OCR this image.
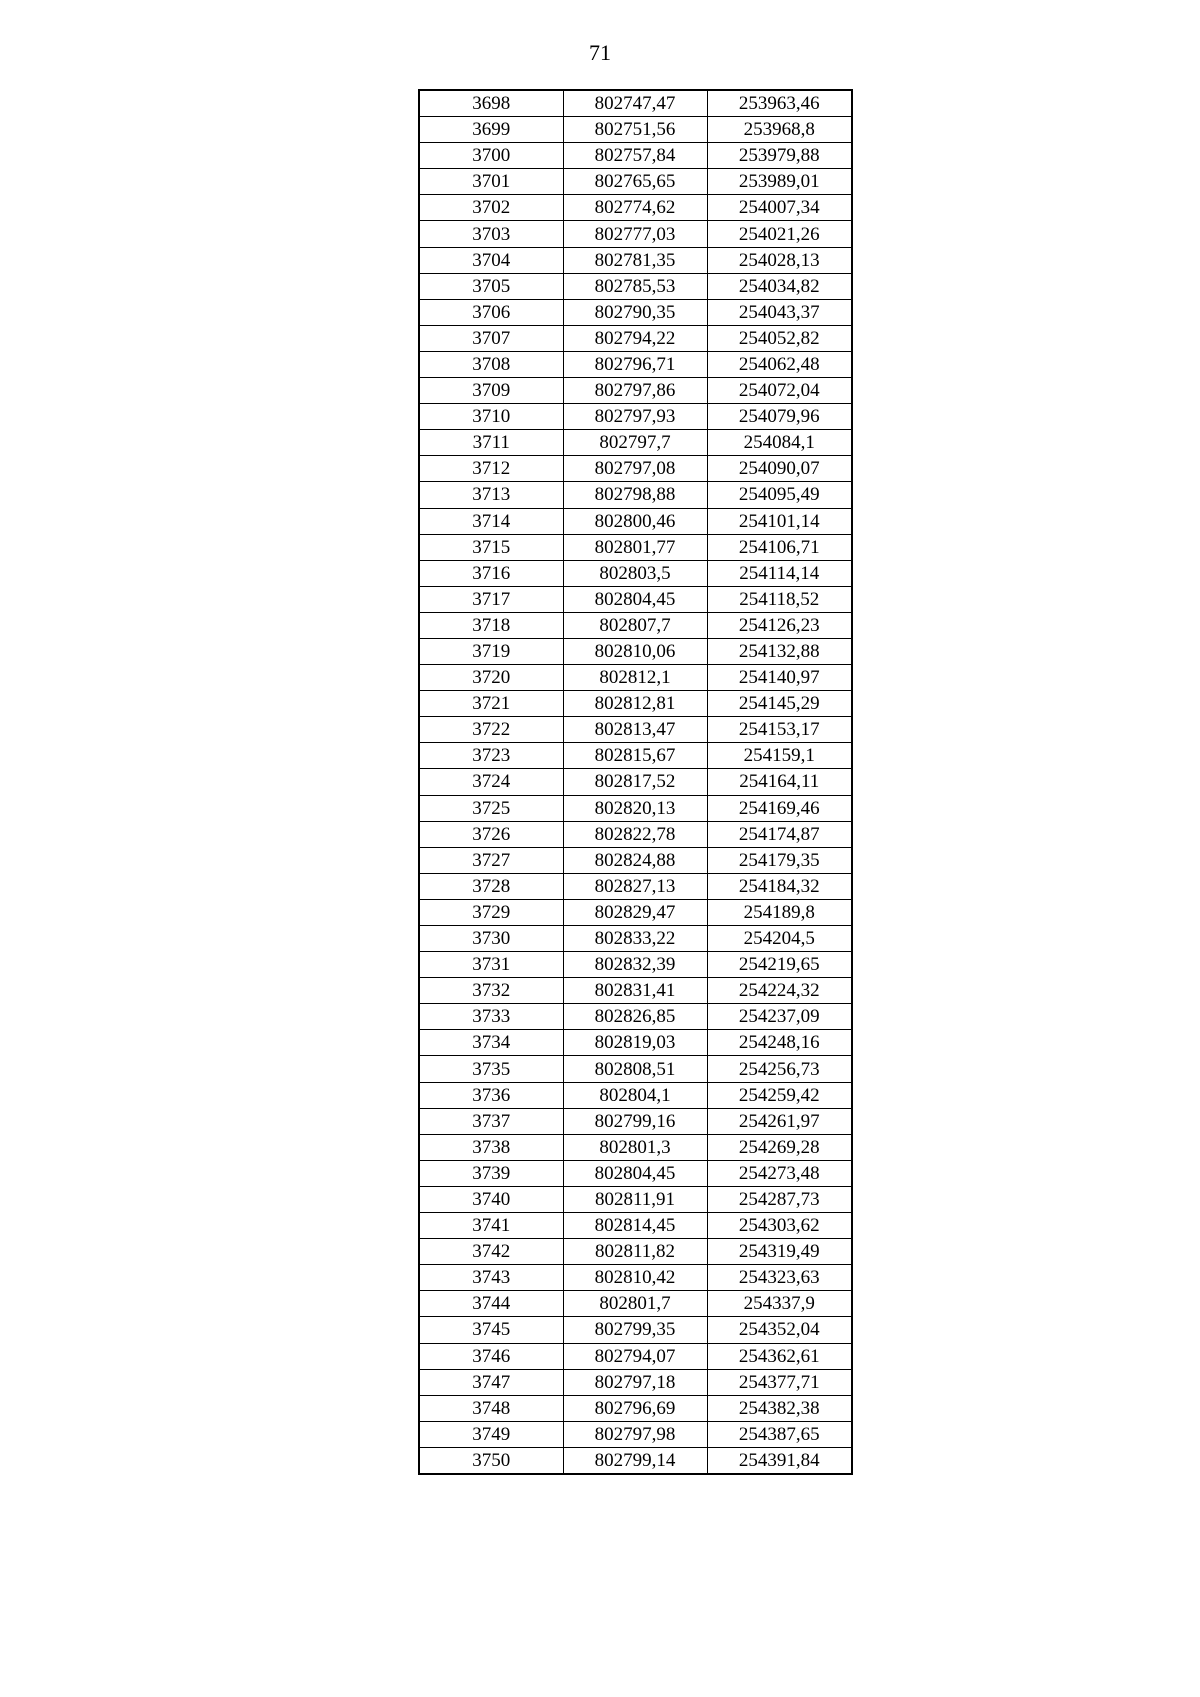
71
3698	802747,47	253963,46
3699	802751,56	253968,8
3700	802757,84	253979,88
3701	802765,65	253989,01
3702	802774,62	254007,34
3703	802777,03	254021,26
3704	802781,35	254028,13
3705	802785,53	254034,82
3706	802790,35	254043,37
3707	802794,22	254052,82
3708	802796,71	254062,48
3709	802797,86	254072,04
3710	802797,93	254079,96
3711	802797,7	254084,1
3712	802797,08	254090,07
3713	802798,88	254095,49
3714	802800,46	254101,14
3715	802801,77	254106,71
3716	802803,5	254114,14
3717	802804,45	254118,52
3718	802807,7	254126,23
3719	802810,06	254132,88
3720	802812,1	254140,97
3721	802812,81	254145,29
3722	802813,47	254153,17
3723	802815,67	254159,1
3724	802817,52	254164,11
3725	802820,13	254169,46
3726	802822,78	254174,87
3727	802824,88	254179,35
3728	802827,13	254184,32
3729	802829,47	254189,8
3730	802833,22	254204,5
3731	802832,39	254219,65
3732	802831,41	254224,32
3733	802826,85	254237,09
3734	802819,03	254248,16
3735	802808,51	254256,73
3736	802804,1	254259,42
3737	802799,16	254261,97
3738	802801,3	254269,28
3739	802804,45	254273,48
3740	802811,91	254287,73
3741	802814,45	254303,62
3742	802811,82	254319,49
3743	802810,42	254323,63
3744	802801,7	254337,9
3745	802799,35	254352,04
3746	802794,07	254362,61
3747	802797,18	254377,71
3748	802796,69	254382,38
3749	802797,98	254387,65
3750	802799,14	254391,84
